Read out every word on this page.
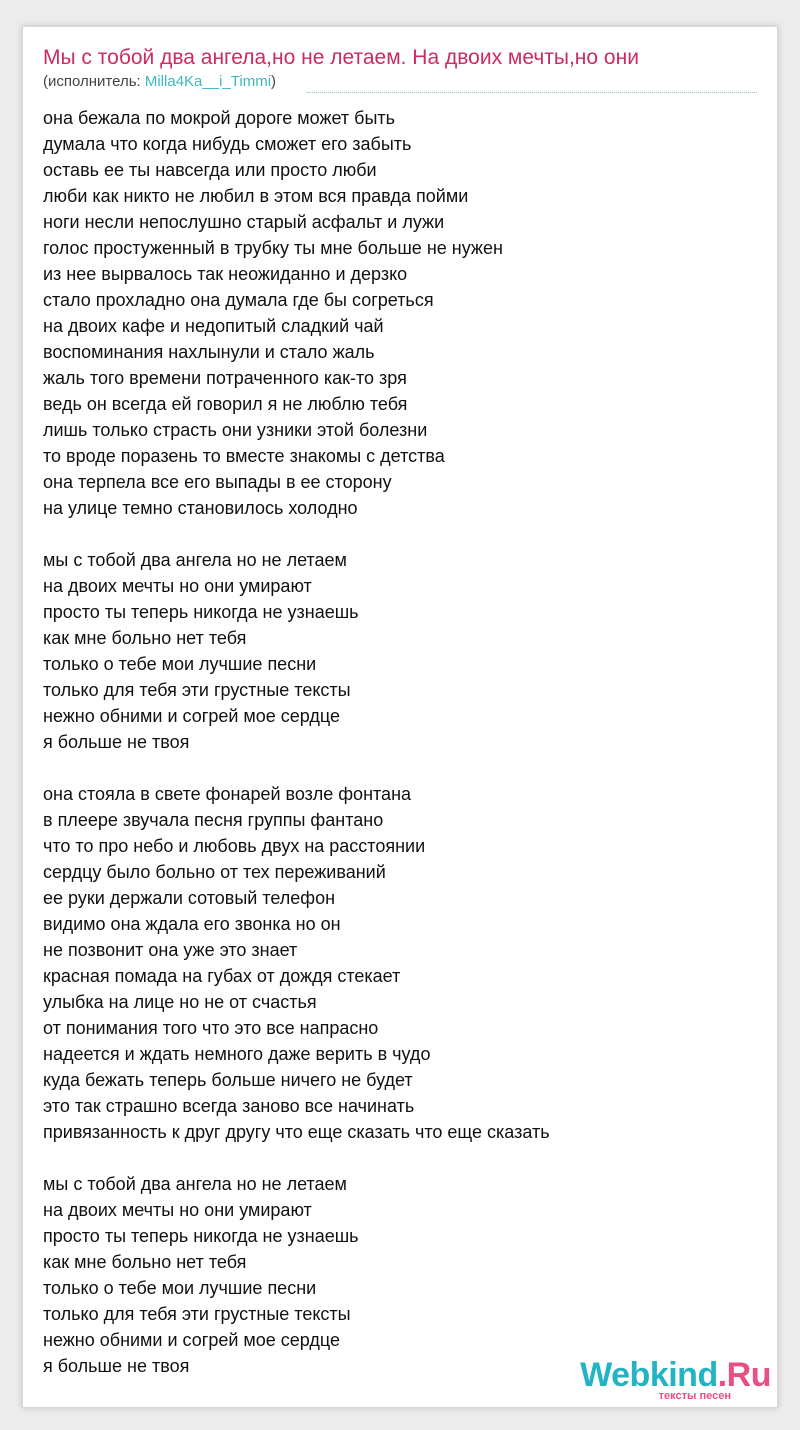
Мы с тобой два ангела,но не летаем. На двоих мечты,но они
(исполнитель: Milla4Ka__i_Timmi)
она бежала по мокрой дороге может быть
думала что когда нибудь сможет его забыть
оставь ее ты навсегда или просто люби
люби как никто не любил в этом вся правда пойми
ноги несли непослушно старый асфальт и лужи
голос простуженный в трубку ты мне больше не нужен
из нее вырвалось так неожиданно и дерзко
стало прохладно она думала где бы согреться
на двоих кафе и недопитый сладкий чай
воспоминания нахлынули и стало жаль
жаль того времени потраченного как-то зря
ведь он всегда ей говорил я не люблю тебя
лишь только страсть они узники этой болезни
то вроде поразень то вместе знакомы с детства
она терпела все его выпады в ее сторону
на улице темно становилось холодно
мы с тобой два ангела но не летаем
на двоих мечты но они умирают
просто ты теперь никогда не узнаешь
как мне больно нет тебя
только о тебе мои лучшие песни
только для тебя эти грустные тексты
нежно обними и согрей мое сердце
я больше не твоя
она стояла в свете фонарей возле фонтана
в плеере звучала песня группы фантано
что то про небо и любовь двух на расстоянии
сердцу было больно от тех переживаний
ее руки держали сотовый телефон
видимо она ждала его звонка но он
не позвонит она уже это знает
красная помада на губах от дождя стекает
улыбка на лице но не от счастья
от понимания того что это все напрасно
надеется и ждать немного даже верить в чудо
куда бежать теперь больше ничего не будет
это так страшно всегда заново все начинать
привязанность к друг другу что еще сказать что еще сказать
мы с тобой два ангела но не летаем
на двоих мечты но они умирают
просто ты теперь никогда не узнаешь
как мне больно нет тебя
только о тебе мои лучшие песни
только для тебя эти грустные тексты
нежно обними и согрей мое сердце
я больше не твоя	Webkind.Ru
тексты песен
